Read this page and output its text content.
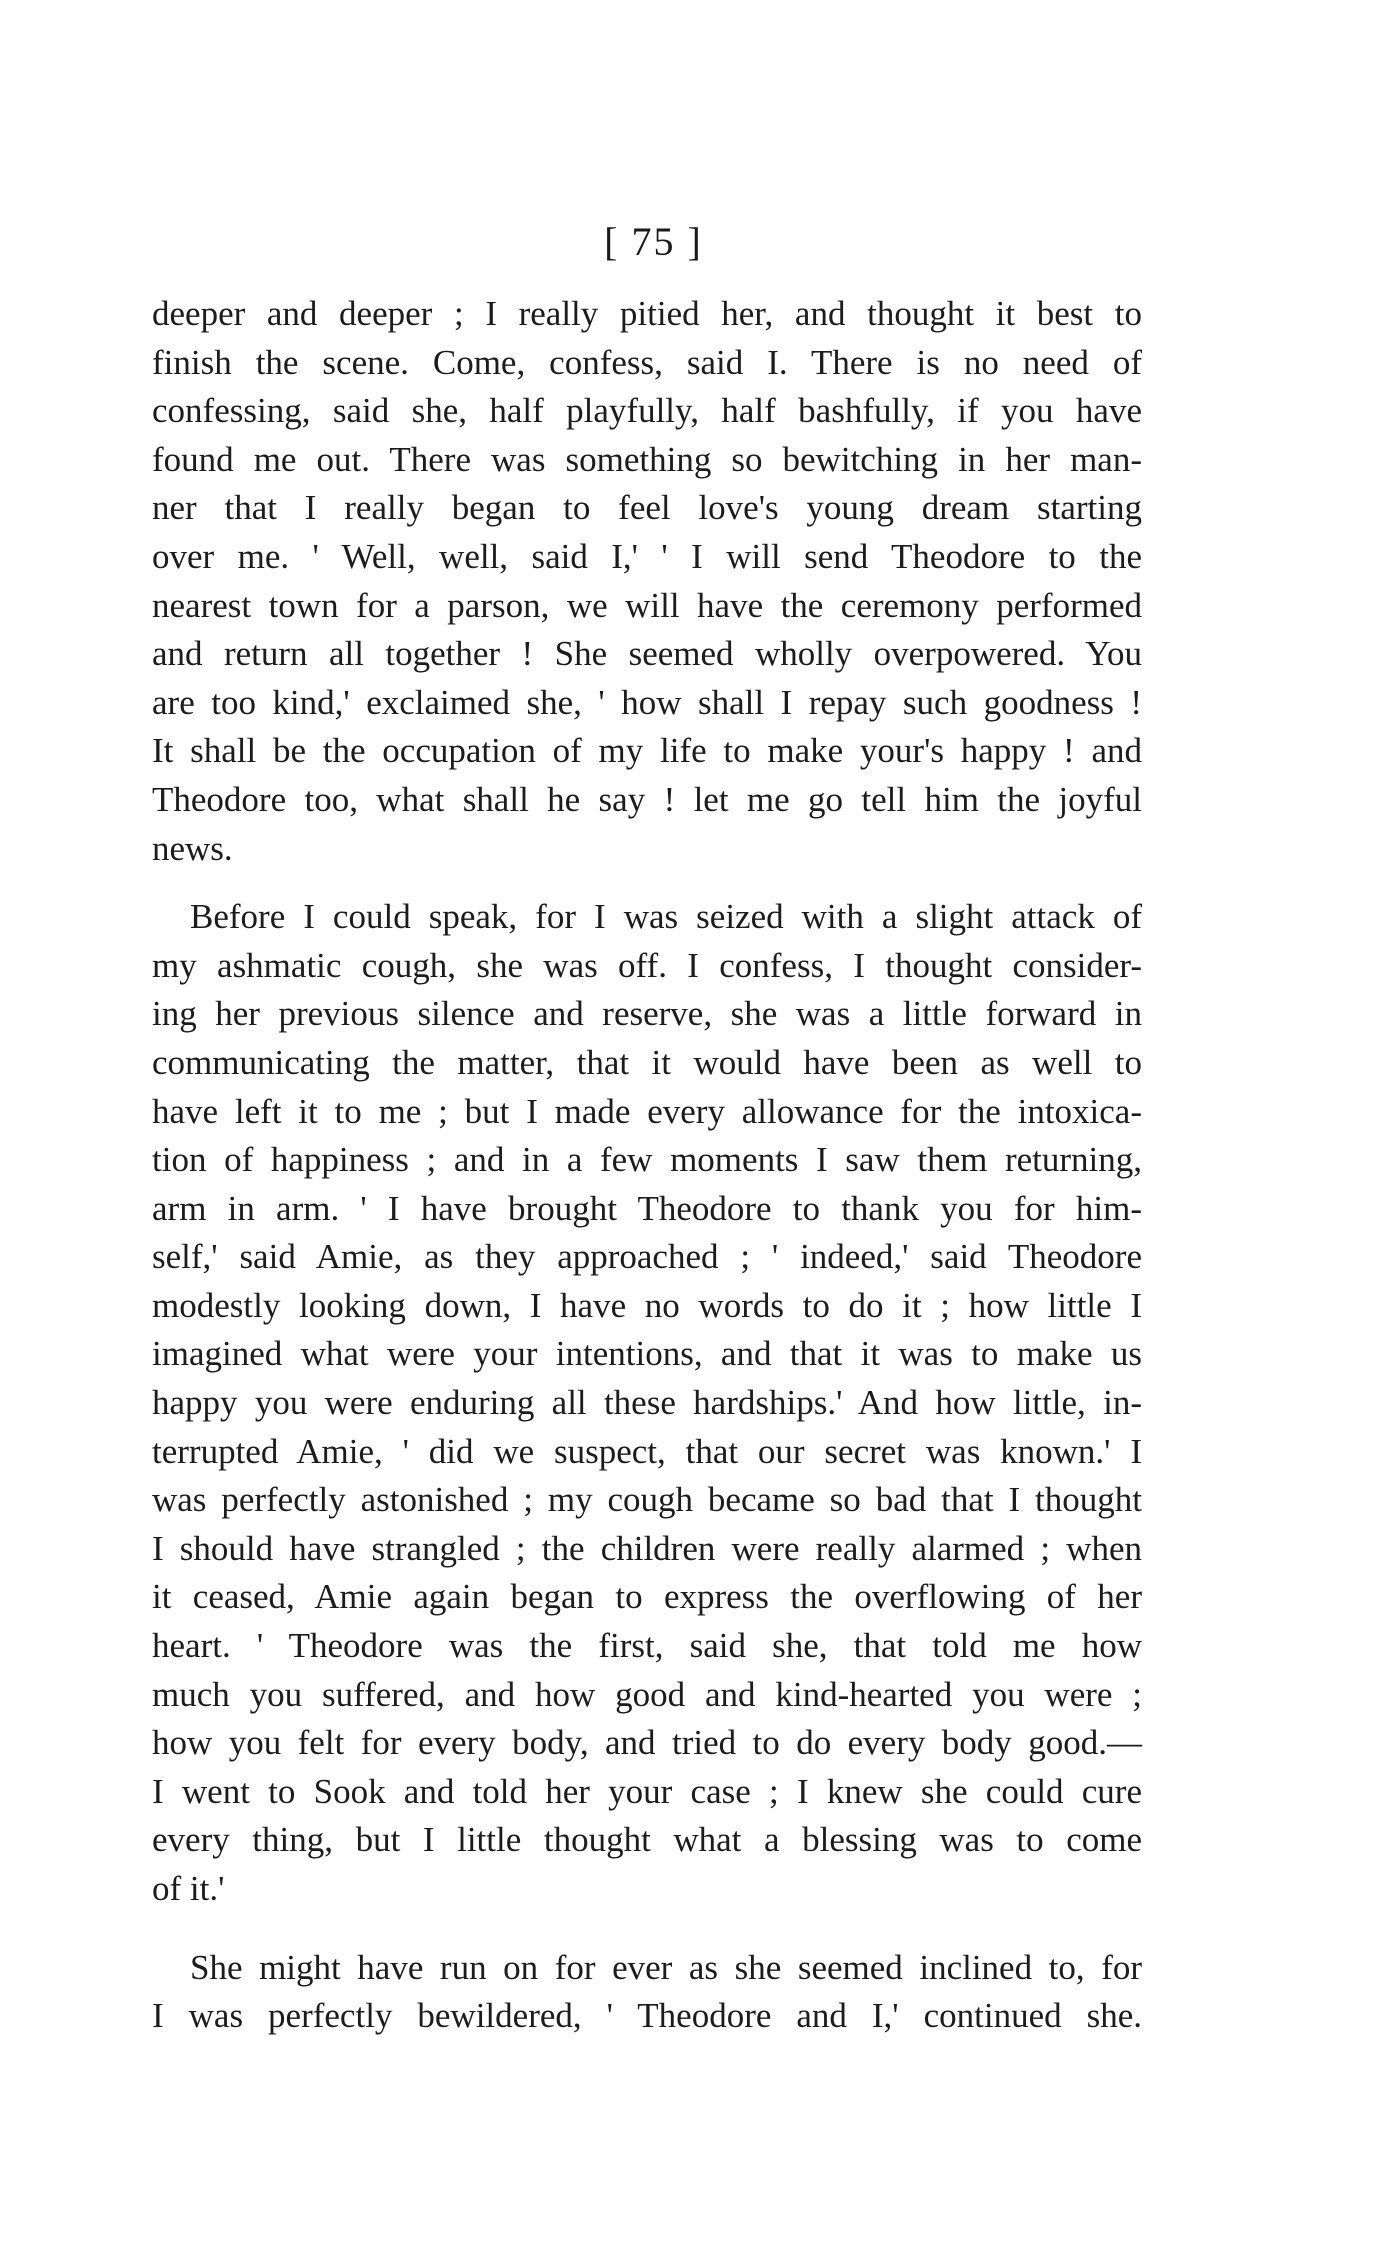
[ 75 ]
deeper and deeper ; I really pitied her, and thought it best to
finish the scene. Come, confess, said I. There is no need of
confessing, said she, half playfully, half bashfully, if you have
found me out. There was something so bewitching in her man-
ner that I really began to feel love's young dream starting
over me. ' Well, well, said I,' ' I will send Theodore to the
nearest town for a parson, we will have the ceremony performed
and return all together ! She seemed wholly overpowered. You
are too kind,' exclaimed she, ' how shall I repay such goodness !
It shall be the occupation of my life to make your's happy ! and
Theodore too, what shall he say ! let me go tell him the joyful
news.
Before I could speak, for I was seized with a slight attack of
my ashmatic cough, she was off. I confess, I thought consider-
ing her previous silence and reserve, she was a little forward in
communicating the matter, that it would have been as well to
have left it to me ; but I made every allowance for the intoxica-
tion of happiness ; and in a few moments I saw them returning,
arm in arm. ' I have brought Theodore to thank you for him-
self,' said Amie, as they approached ; ' indeed,' said Theodore
modestly looking down, I have no words to do it ; how little I
imagined what were your intentions, and that it was to make us
happy you were enduring all these hardships.' And how little, in-
terrupted Amie, ' did we suspect, that our secret was known.' I
was perfectly astonished ; my cough became so bad that I thought
I should have strangled ; the children were really alarmed ; when
it ceased, Amie again began to express the overflowing of her
heart. ' Theodore was the first, said she, that told me how
much you suffered, and how good and kind-hearted you were ;
how you felt for every body, and tried to do every body good.—
I went to Sook and told her your case ; I knew she could cure
every thing, but I little thought what a blessing was to come
of it.'
She might have run on for ever as she seemed inclined to, for
I was perfectly bewildered, ' Theodore and I,' continued she.
